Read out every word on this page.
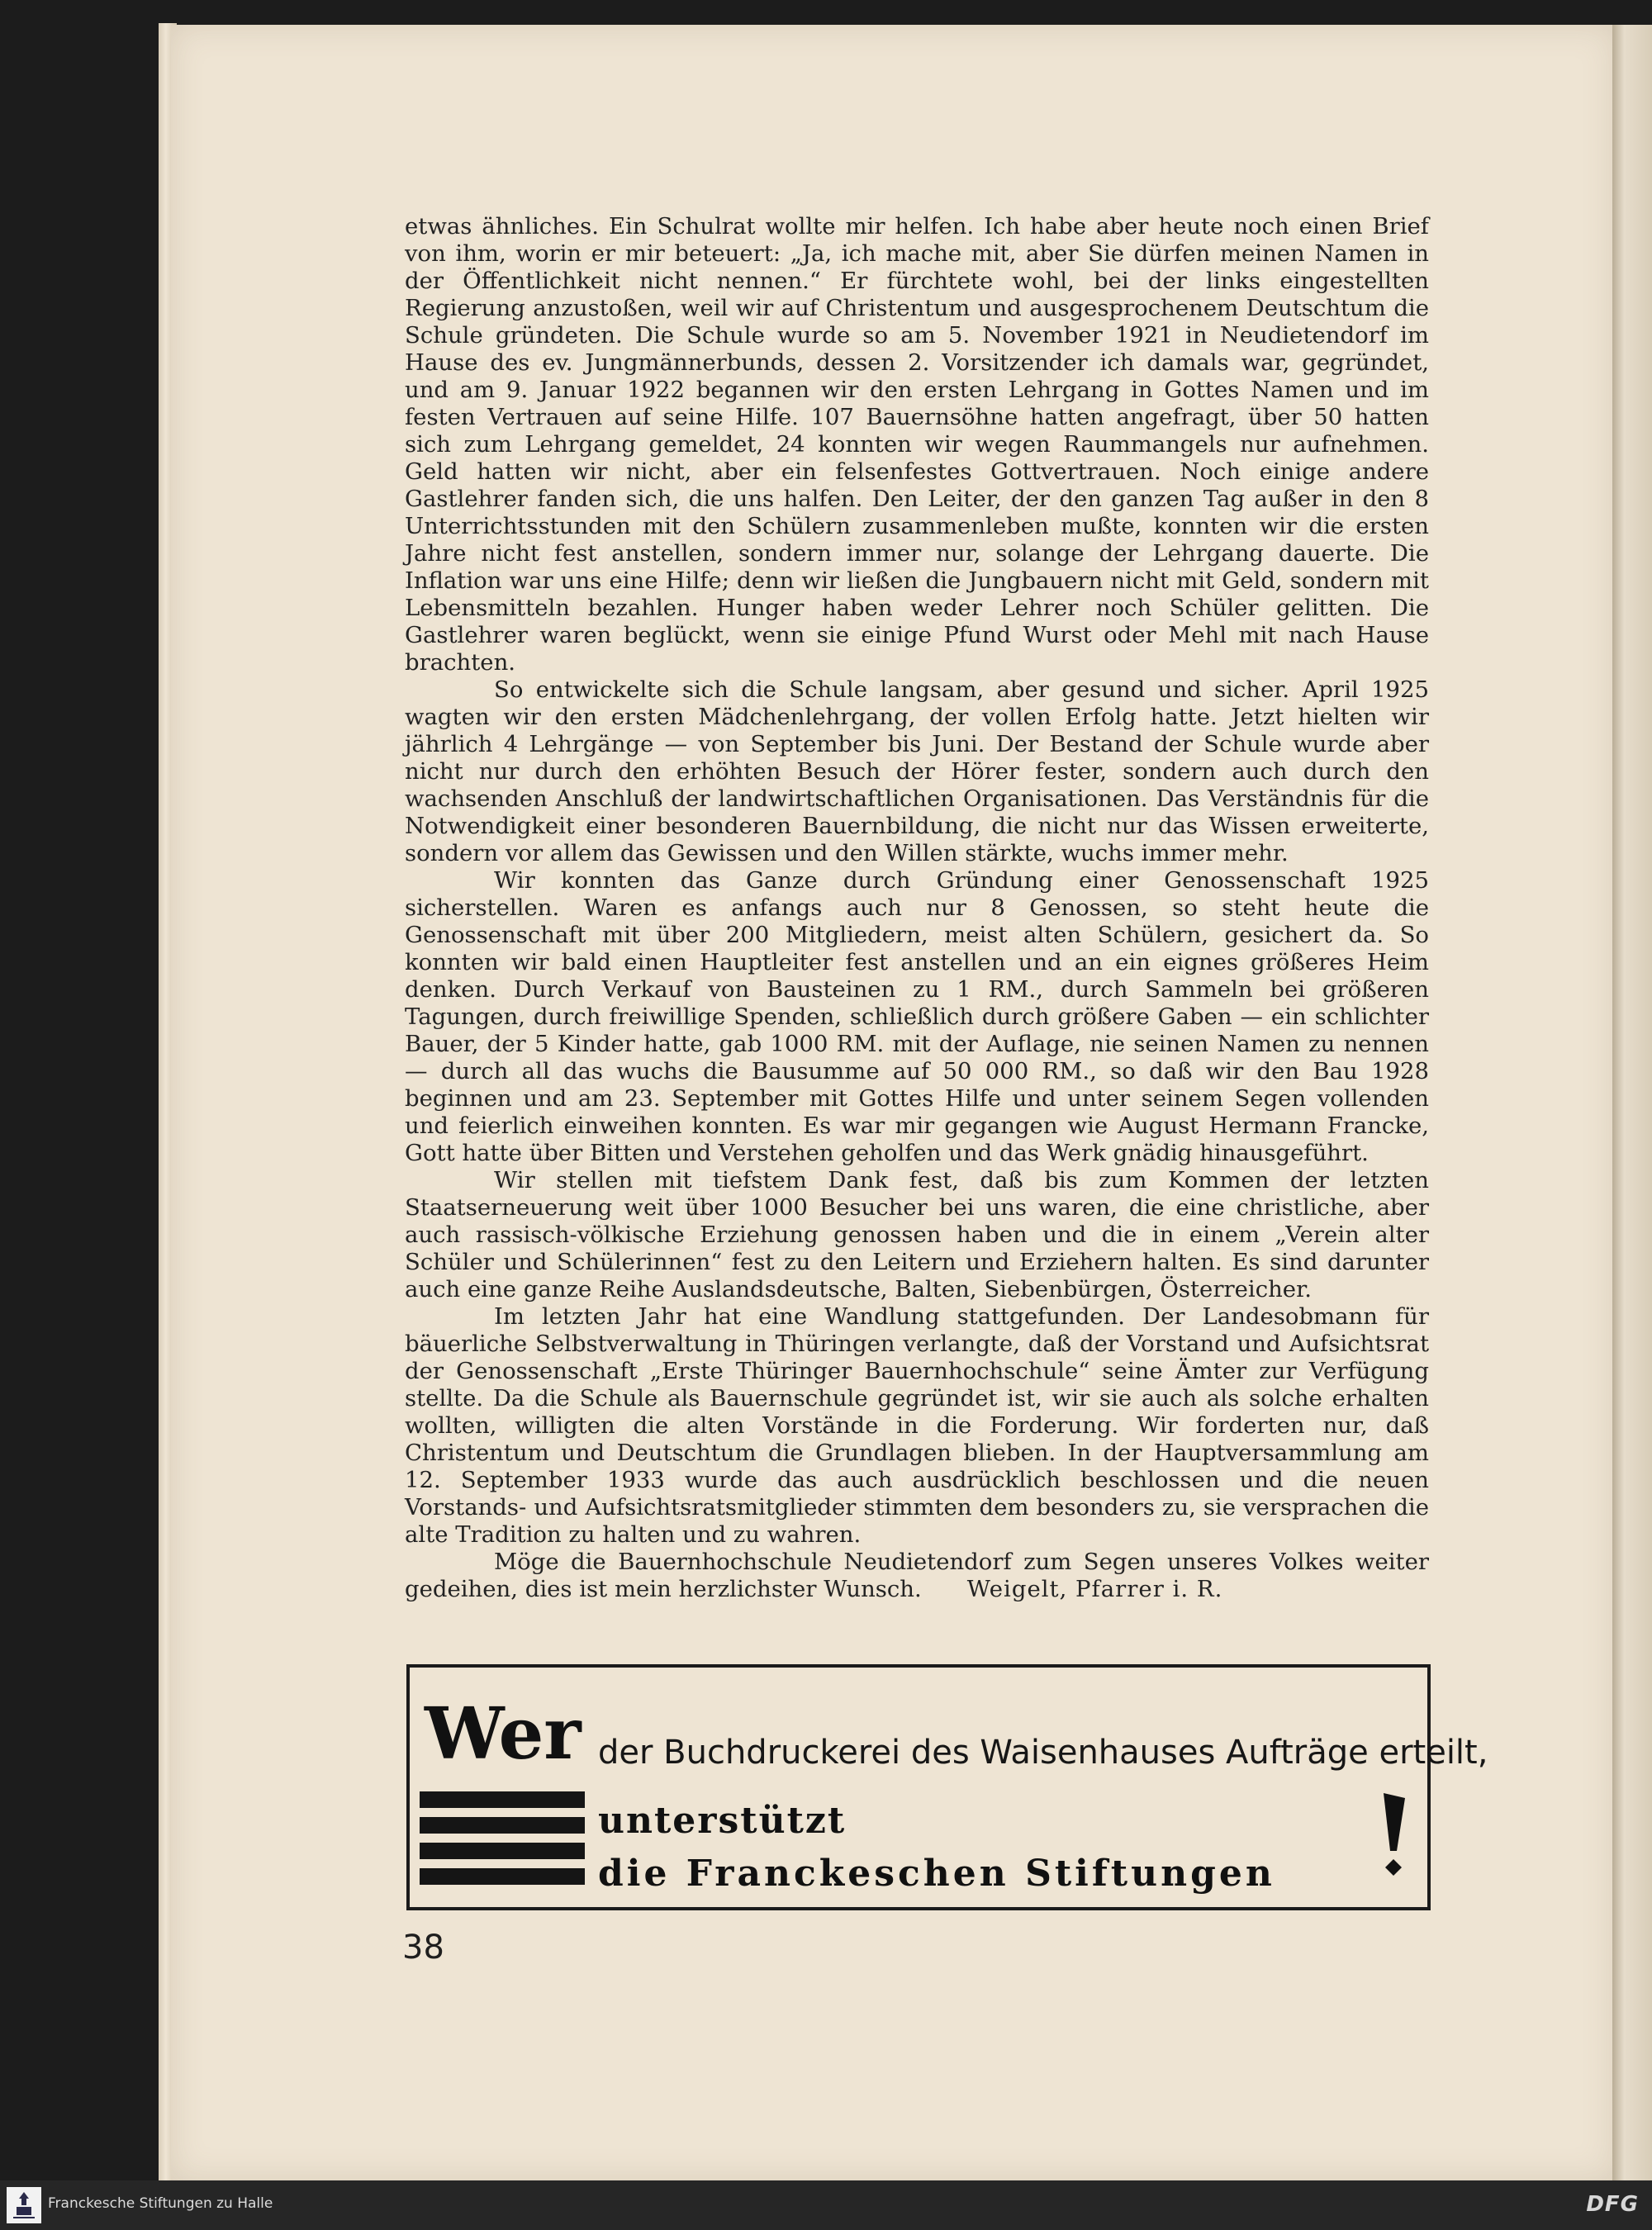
etwas ähnliches. Ein Schulrat wollte mir helfen. Ich habe aber heute noch einen Brief von ihm, worin er mir beteuert: „Ja, ich mache mit, aber Sie dürfen meinen Namen in der Öffentlichkeit nicht nennen.“ Er fürchtete wohl, bei der links eingestellten Regierung anzustoßen, weil wir auf Christentum und ausgesprochenem Deutschtum die Schule gründeten. Die Schule wurde so am 5. November 1921 in Neudietendorf im Hause des ev. Jungmännerbunds, dessen 2. Vorsitzender ich damals war, gegründet, und am 9. Januar 1922 begannen wir den ersten Lehrgang in Gottes Namen und im festen Vertrauen auf seine Hilfe. 107 Bauernsöhne hatten angefragt, über 50 hatten sich zum Lehrgang gemeldet, 24 konnten wir wegen Raummangels nur aufnehmen. Geld hatten wir nicht, aber ein felsenfestes Gottvertrauen. Noch einige andere Gastlehrer fanden sich, die uns halfen. Den Leiter, der den ganzen Tag außer in den 8 Unterrichtsstunden mit den Schülern zusammenleben mußte, konnten wir die ersten Jahre nicht fest anstellen, sondern immer nur, solange der Lehrgang dauerte. Die Inflation war uns eine Hilfe; denn wir ließen die Jungbauern nicht mit Geld, sondern mit Lebensmitteln bezahlen. Hunger haben weder Lehrer noch Schüler gelitten. Die Gastlehrer waren beglückt, wenn sie einige Pfund Wurst oder Mehl mit nach Hause brachten.

So entwickelte sich die Schule langsam, aber gesund und sicher. April 1925 wagten wir den ersten Mädchenlehrgang, der vollen Erfolg hatte. Jetzt hielten wir jährlich 4 Lehrgänge — von September bis Juni. Der Bestand der Schule wurde aber nicht nur durch den erhöhten Besuch der Hörer fester, sondern auch durch den wachsenden Anschluß der landwirtschaftlichen Organisationen. Das Verständnis für die Notwendigkeit einer besonderen Bauernbildung, die nicht nur das Wissen erweiterte, sondern vor allem das Gewissen und den Willen stärkte, wuchs immer mehr.

Wir konnten das Ganze durch Gründung einer Genossenschaft 1925 sicherstellen. Waren es anfangs auch nur 8 Genossen, so steht heute die Genossenschaft mit über 200 Mitgliedern, meist alten Schülern, gesichert da. So konnten wir bald einen Hauptleiter fest anstellen und an ein eignes größeres Heim denken. Durch Verkauf von Bausteinen zu 1 RM., durch Sammeln bei größeren Tagungen, durch freiwillige Spenden, schließlich durch größere Gaben — ein schlichter Bauer, der 5 Kinder hatte, gab 1000 RM. mit der Auflage, nie seinen Namen zu nennen — durch all das wuchs die Bausumme auf 50 000 RM., so daß wir den Bau 1928 beginnen und am 23. September mit Gottes Hilfe und unter seinem Segen vollenden und feierlich einweihen konnten. Es war mir gegangen wie August Hermann Francke, Gott hatte über Bitten und Verstehen geholfen und das Werk gnädig hinausgeführt.

Wir stellen mit tiefstem Dank fest, daß bis zum Kommen der letzten Staatserneuerung weit über 1000 Besucher bei uns waren, die eine christliche, aber auch rassisch-völkische Erziehung genossen haben und die in einem „Verein alter Schüler und Schülerinnen“ fest zu den Leitern und Erziehern halten. Es sind darunter auch eine ganze Reihe Auslandsdeutsche, Balten, Siebenbürgen, Österreicher.

Im letzten Jahr hat eine Wandlung stattgefunden. Der Landesobmann für bäuerliche Selbstverwaltung in Thüringen verlangte, daß der Vorstand und Aufsichtsrat der Genossenschaft „Erste Thüringer Bauernhochschule“ seine Ämter zur Verfügung stellte. Da die Schule als Bauernschule gegründet ist, wir sie auch als solche erhalten wollten, willigten die alten Vorstände in die Forderung. Wir forderten nur, daß Christentum und Deutschtum die Grundlagen blieben. In der Hauptversammlung am 12. September 1933 wurde das auch ausdrücklich beschlossen und die neuen Vorstands- und Aufsichtsratsmitglieder stimmten dem besonders zu, sie versprachen die alte Tradition zu halten und zu wahren.

Möge die Bauernhochschule Neudietendorf zum Segen unseres Volkes weiter gedeihen, dies ist mein herzlichster Wunsch.   Weigelt, Pfarrer i. R.

Wer der Buchdruckerei des Waisenhauses Aufträge erteilt,
unterstützt
die Franckeschen Stiftungen
38
Franckesche Stiftungen zu Halle	DFG
